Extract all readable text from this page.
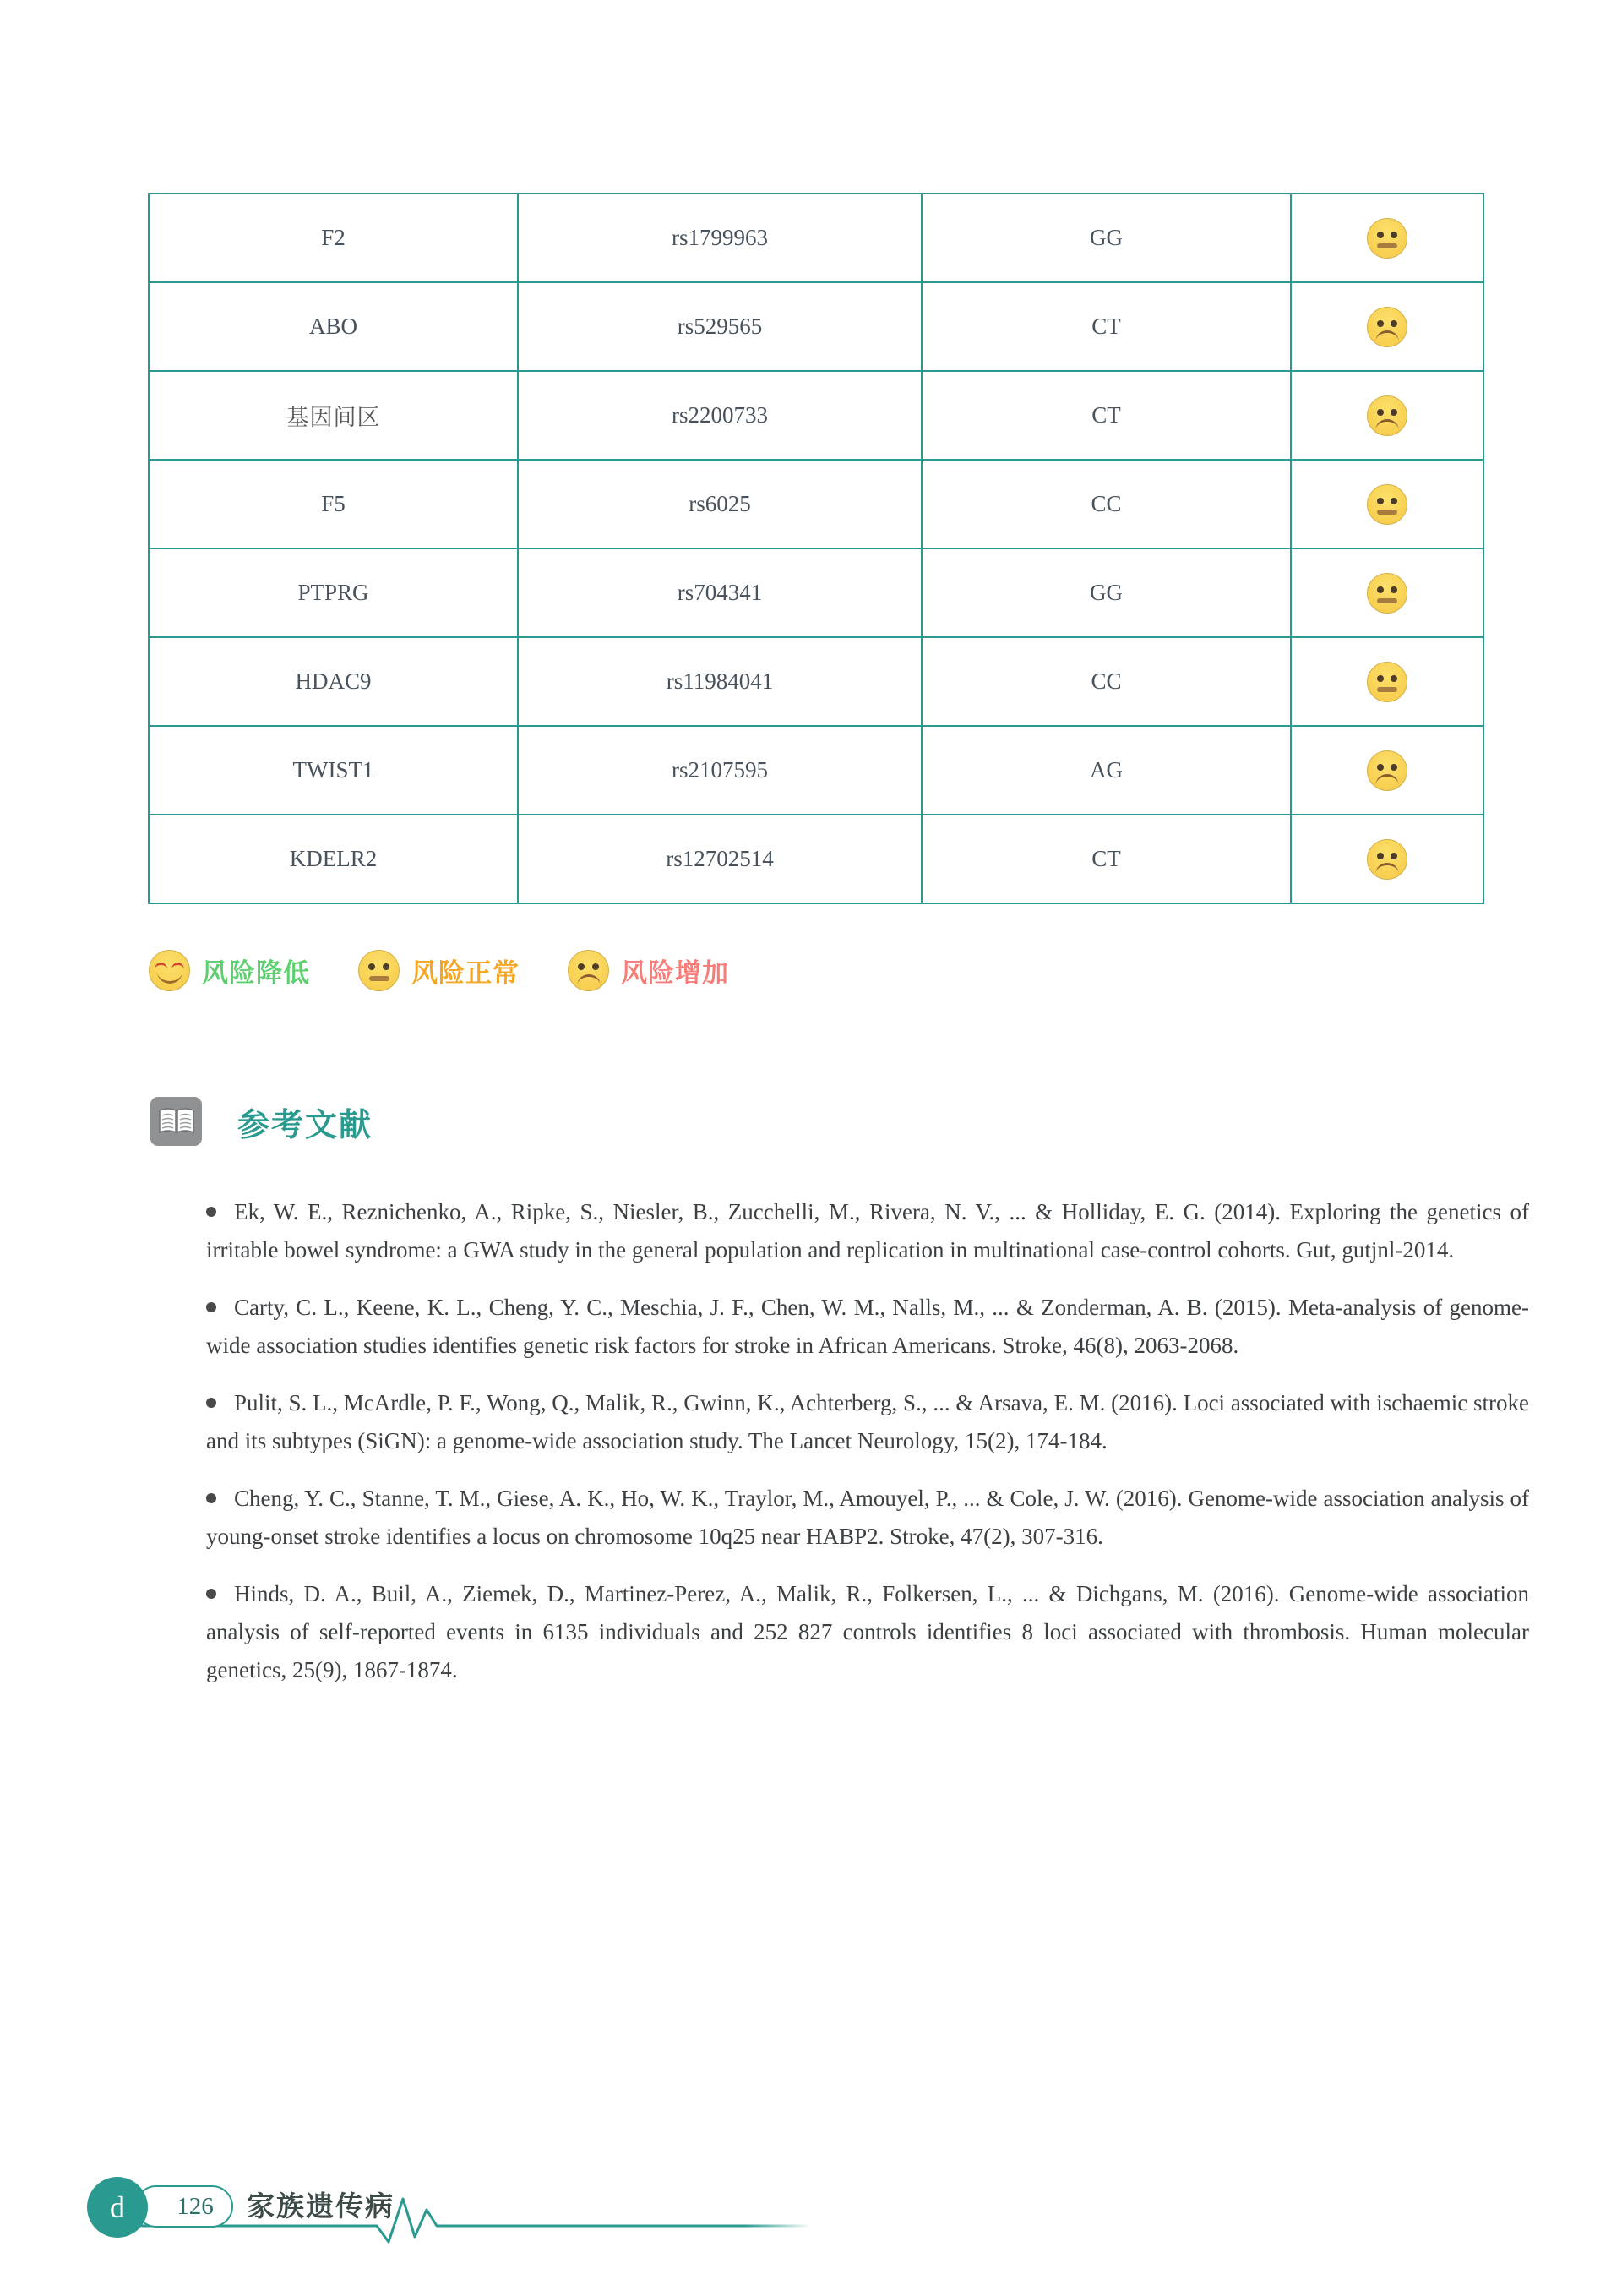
F2	rs1799963	GG	

ABO	rs529565	CT	

基因间区	rs2200733	CT	

F5	rs6025	CC	

PTPRG	rs704341	GG	

HDAC9	rs11984041	CC	

TWIST1	rs2107595	AG	

KDELR2	rs12702514	CT	
风险降低	风险正常	风险增加
参考文献

Ek, W. E., Reznichenko, A., Ripke, S., Niesler, B., Zucchelli, M., Rivera, N. V., ... & Holliday, E. G. (2014). Exploring the genetics of irritable bowel syndrome: a GWA study in the general population and replication in multinational case-control cohorts. Gut, gutjnl-2014.

Carty, C. L., Keene, K. L., Cheng, Y. C., Meschia, J. F., Chen, W. M., Nalls, M., ... & Zonderman, A. B. (2015). Meta-analysis of genome-wide association studies identifies genetic risk factors for stroke in African Americans. Stroke, 46(8), 2063-2068.

Pulit, S. L., McArdle, P. F., Wong, Q., Malik, R., Gwinn, K., Achterberg, S., ... & Arsava, E. M. (2016). Loci associated with ischaemic stroke and its subtypes (SiGN): a genome-wide association study. The Lancet Neurology, 15(2), 174-184.

Cheng, Y. C., Stanne, T. M., Giese, A. K., Ho, W. K., Traylor, M., Amouyel, P., ... & Cole, J. W. (2016). Genome-wide association analysis of young-onset stroke identifies a locus on chromosome 10q25 near HABP2. Stroke, 47(2), 307-316.

Hinds, D. A., Buil, A., Ziemek, D., Martinez-Perez, A., Malik, R., Folkersen, L., ... & Dichgans, M. (2016). Genome-wide association analysis of self-reported events in 6135 individuals and 252 827 controls identifies 8 loci associated with thrombosis. Human molecular genetics, 25(9), 1867-1874.

d 126 家族遗传病
